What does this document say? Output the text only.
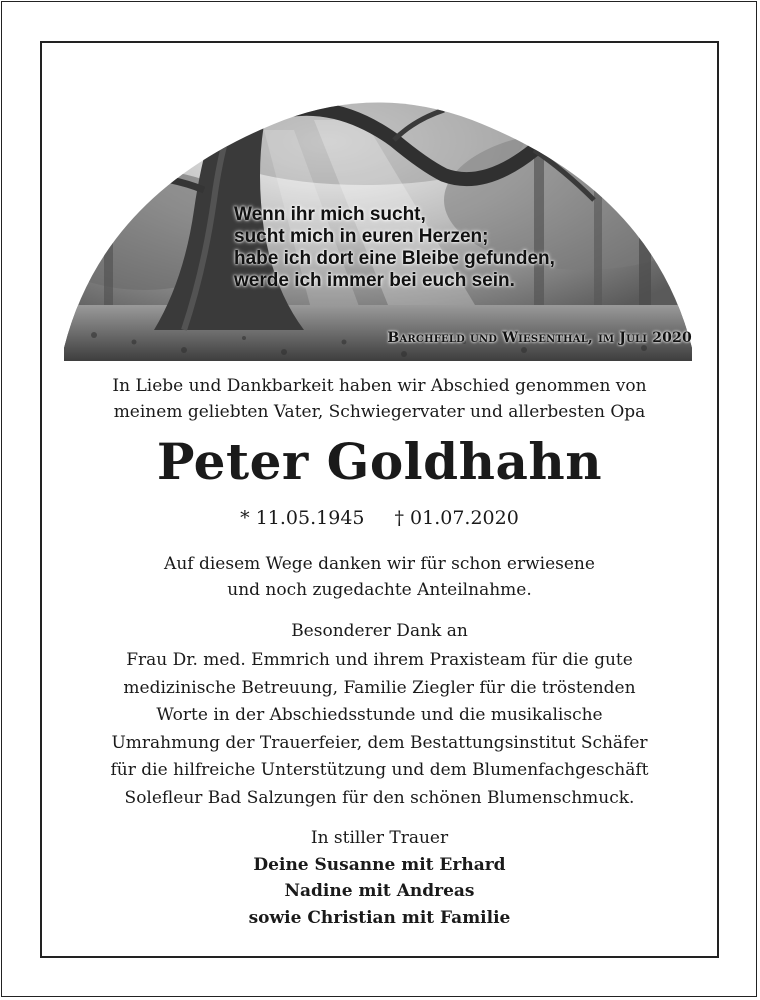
Wenn ihr mich sucht,
sucht mich in euren Herzen;
habe ich dort eine Bleibe gefunden,
werde ich immer bei euch sein.
Barchfeld und Wiesenthal, im Juli 2020
In Liebe und Dankbarkeit haben wir Abschied genommen von
meinem geliebten Vater, Schwiegervater und allerbesten Opa
Peter Goldhahn
* 11.05.1945 † 01.07.2020
Auf diesem Wege danken wir für schon erwiesene
und noch zugedachte Anteilnahme.
Besonderer Dank an
Frau Dr. med. Emmrich und ihrem Praxisteam für die gute
medizinische Betreuung, Familie Ziegler für die tröstenden
Worte in der Abschiedsstunde und die musikalische
Umrahmung der Trauerfeier, dem Bestattungsinstitut Schäfer
für die hilfreiche Unterstützung und dem Blumenfachgeschäft
Solefleur Bad Salzungen für den schönen Blumenschmuck.
In stiller Trauer
Deine Susanne mit Erhard
Nadine mit Andreas
sowie Christian mit Familie
